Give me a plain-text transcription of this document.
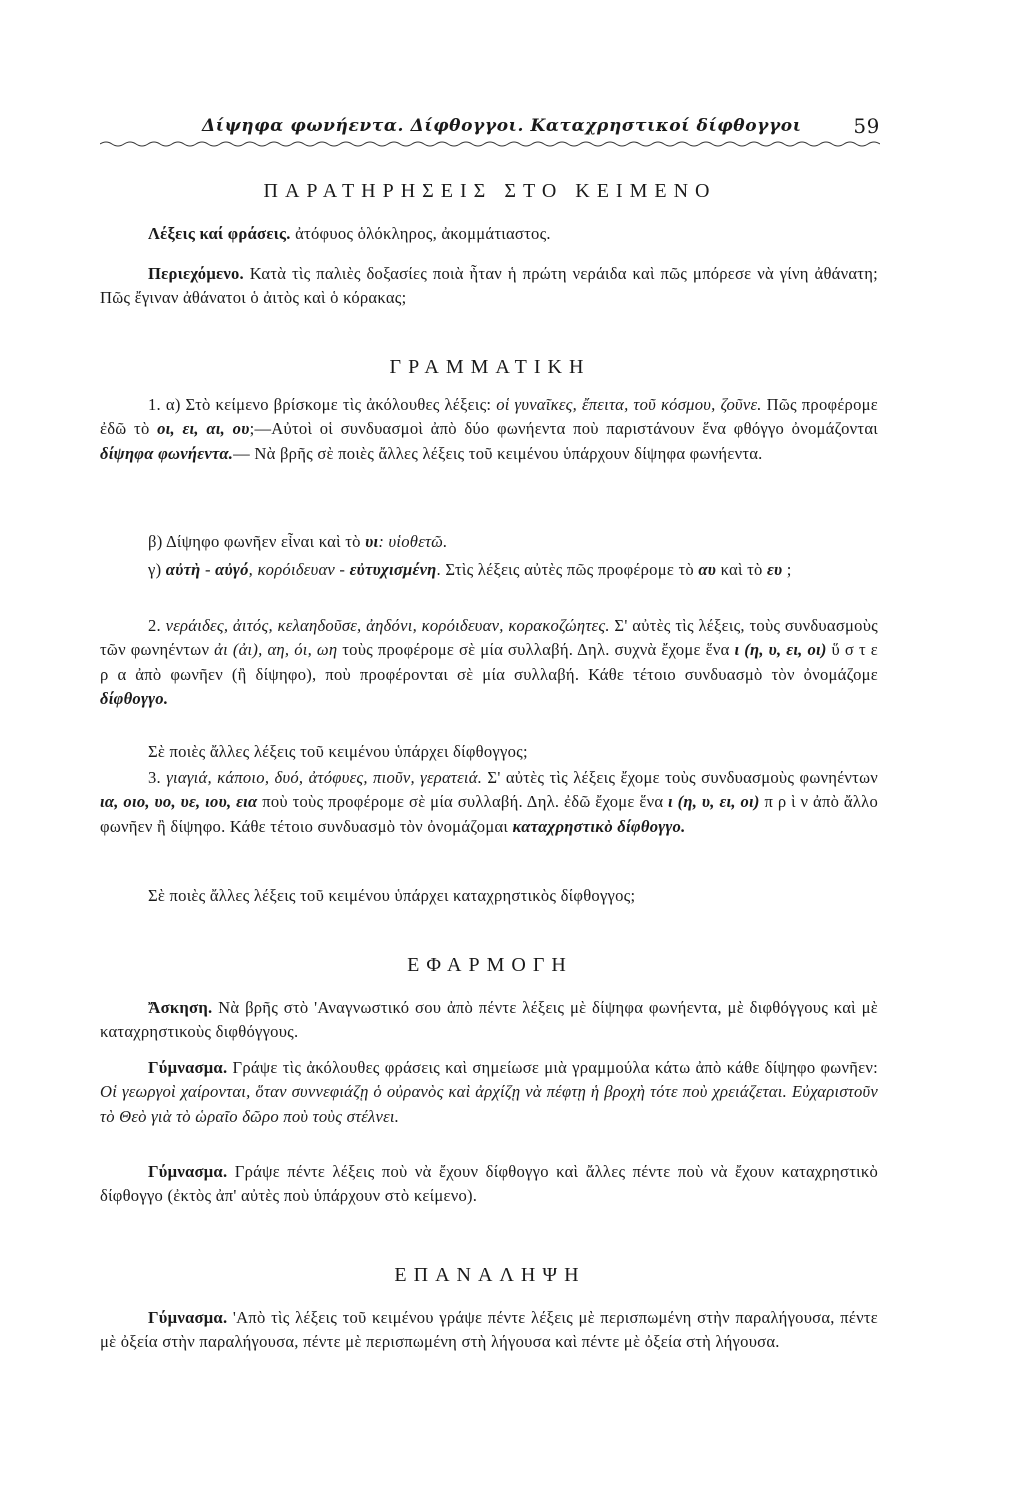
Δίψηφα φωνήεντα. Δίφθογγοι. Καταχρηστικοί δίφθογγοι	59
ΠΑΡΑΤΗΡΗΣΕΙΣ ΣΤΟ ΚΕΙΜΕΝΟ
Λέξεις καί φράσεις. ἀτόφυος ὁλόκληρος, ἀκομμάτιαστος.
Περιεχόμενο. Κατὰ τὶς παλιὲς δοξασίες ποιὰ ἦταν ἡ πρώτη νεράιδα καὶ πῶς μπόρεσε νὰ γίνη ἀθάνατη; Πῶς ἔγιναν ἀθάνατοι ὁ ἀιτὸς καὶ ὁ κόρακας;
ΓΡΑΜΜΑΤΙΚΗ
1. α) Στὸ κείμενο βρίσκομε τὶς ἀκόλουθες λέξεις: οἱ γυναῖκες, ἔπειτα, τοῦ κόσμου, ζοῦνε. Πῶς προφέρομε ἐδῶ τὸ οι, ει, αι, ου;—Αὐτοὶ οἱ συνδυασμοὶ ἀπὸ δύο φωνήεντα ποὺ παριστάνουν ἕνα φθόγγο ὀνομάζονται δίψηφα φωνήεντα.— Νὰ βρῆς σὲ ποιὲς ἄλλες λέξεις τοῦ κειμένου ὑπάρχουν δίψηφα φωνήεντα.
β) Δίψηφο φωνῆεν εἶναι καὶ τὸ υι: υἱοθετῶ.
γ) αὐτὴ - αὐγό, κορόιδευαν - εὐτυχισμένη. Στὶς λέξεις αὐτὲς πῶς προφέρομε τὸ αυ καὶ τὸ ευ ;
2. νεράιδες, ἀιτός, κελαηδοῦσε, ἀηδόνι, κορόιδευαν, κορακοζώητες. Σ' αὐτὲς τὶς λέξεις, τοὺς συνδυασμοὺς τῶν φωνηέντων ἀι (ἀι), αη, όι, ωη τοὺς προφέρομε σὲ μία συλλαβή. Δηλ. συχνὰ ἔχομε ἕνα ι (η, υ, ει, οι) ὕ σ τ ε ρ α ἀπὸ φωνῆεν (ἢ δίψηφο), ποὺ προφέρονται σὲ μία συλλαβή. Κάθε τέτοιο συνδυασμὸ τὸν ὀνομάζομε δίφθογγο.
Σὲ ποιὲς ἄλλες λέξεις τοῦ κειμένου ὑπάρχει δίφθογγος;
3. γιαγιά, κάποιο, δυό, ἀτόφυες, πιοῦν, γερατειά. Σ' αὐτὲς τὶς λέξεις ἔχομε τοὺς συνδυασμοὺς φωνηέντων ια, οιο, υο, υε, ιου, εια ποὺ τοὺς προφέρομε σὲ μία συλλαβή. Δηλ. ἐδῶ ἔχομε ἕνα ι (η, υ, ει, οι) π ρ ὶ ν ἀπὸ ἄλλο φωνῆεν ἢ δίψηφο. Κάθε τέτοιο συνδυασμὸ τὸν ὀνομάζομαι καταχρηστικὸ δίφθογγο.
Σὲ ποιὲς ἄλλες λέξεις τοῦ κειμένου ὑπάρχει καταχρηστικὸς δίφθογγος;
ΕΦΑΡΜΟΓΗ
Ἄσκηση. Νὰ βρῆς στὸ 'Αναγνωστικό σου ἀπὸ πέντε λέξεις μὲ δίψηφα φωνήεντα, μὲ διφθόγγους καὶ μὲ καταχρηστικοὺς διφθόγγους.
Γύμνασμα. Γράψε τὶς ἀκόλουθες φράσεις καὶ σημείωσε μιὰ γραμμούλα κάτω ἀπὸ κάθε δίψηφο φωνῆεν: Οἱ γεωργοὶ χαίρονται, ὅταν συννεφιάζῃ ὁ οὐρανὸς καὶ ἀρχίζῃ νὰ πέφτῃ ἡ βροχὴ τότε ποὺ χρειάζεται. Εὐχαριστοῦν τὸ Θεὸ γιὰ τὸ ὡραῖο δῶρο ποὺ τοὺς στέλνει.
Γύμνασμα. Γράψε πέντε λέξεις ποὺ νὰ ἔχουν δίφθογγο καὶ ἄλλες πέντε ποὺ νὰ ἔχουν καταχρηστικὸ δίφθογγο (ἐκτὸς ἀπ' αὐτὲς ποὺ ὑπάρχουν στὸ κείμενο).
ΕΠΑΝΑΛΗΨΗ
Γύμνασμα. 'Απὸ τὶς λέξεις τοῦ κειμένου γράψε πέντε λέξεις μὲ περισπωμένη στὴν παραλήγουσα, πέντε μὲ ὀξεία στὴν παραλήγουσα, πέντε μὲ περισπωμένη στὴ λήγουσα καὶ πέντε μὲ ὀξεία στὴ λήγουσα.
